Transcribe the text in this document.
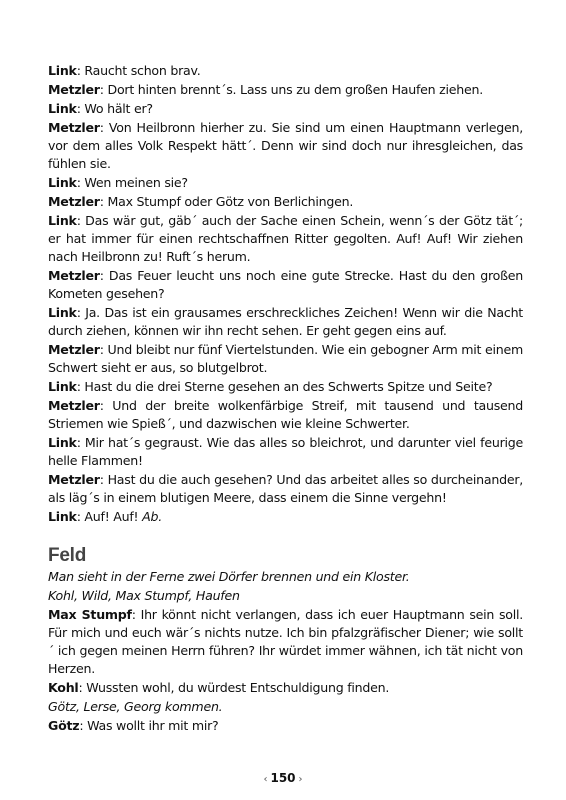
Link: Raucht schon brav.
Metzler: Dort hinten brennt´s. Lass uns zu dem großen Haufen ziehen.
Link: Wo hält er?
Metzler: Von Heilbronn hierher zu. Sie sind um einen Hauptmann verlegen, vor dem alles Volk Respekt hätt´. Denn wir sind doch nur ihresgleichen, das fühlen sie.
Link: Wen meinen sie?
Metzler: Max Stumpf oder Götz von Berlichingen.
Link: Das wär gut, gäb´ auch der Sache einen Schein, wenn´s der Götz tät´; er hat immer für einen rechtschaffnen Ritter gegolten. Auf! Auf! Wir ziehen nach Heilbronn zu! Ruft´s herum.
Metzler: Das Feuer leucht uns noch eine gute Strecke. Hast du den großen Kometen gesehen?
Link: Ja. Das ist ein grausames erschreckliches Zeichen! Wenn wir die Nacht durch ziehen, können wir ihn recht sehen. Er geht gegen eins auf.
Metzler: Und bleibt nur fünf Viertelstunden. Wie ein gebogner Arm mit einem Schwert sieht er aus, so blutgelbrot.
Link: Hast du die drei Sterne gesehen an des Schwerts Spitze und Seite?
Metzler: Und der breite wolkenfärbige Streif, mit tausend und tausend Striemen wie Spieß´, und dazwischen wie kleine Schwerter.
Link: Mir hat´s gegraust. Wie das alles so bleichrot, und darunter viel feurige helle Flammen!
Metzler: Hast du die auch gesehen? Und das arbeitet alles so durcheinander, als läg´s in einem blutigen Meere, dass einem die Sinne vergehn!
Link: Auf! Auf! Ab.
Feld
Man sieht in der Ferne zwei Dörfer brennen und ein Kloster.
Kohl, Wild, Max Stumpf, Haufen
Max Stumpf: Ihr könnt nicht verlangen, dass ich euer Hauptmann sein soll. Für mich und euch wär´s nichts nutze. Ich bin pfalzgräfischer Diener; wie sollt´ ich gegen meinen Herrn führen? Ihr würdet immer wähnen, ich tät nicht von Herzen.
Kohl: Wussten wohl, du würdest Entschuldigung finden.
Götz, Lerse, Georg kommen.
Götz: Was wollt ihr mit mir?
‹ 150 ›
